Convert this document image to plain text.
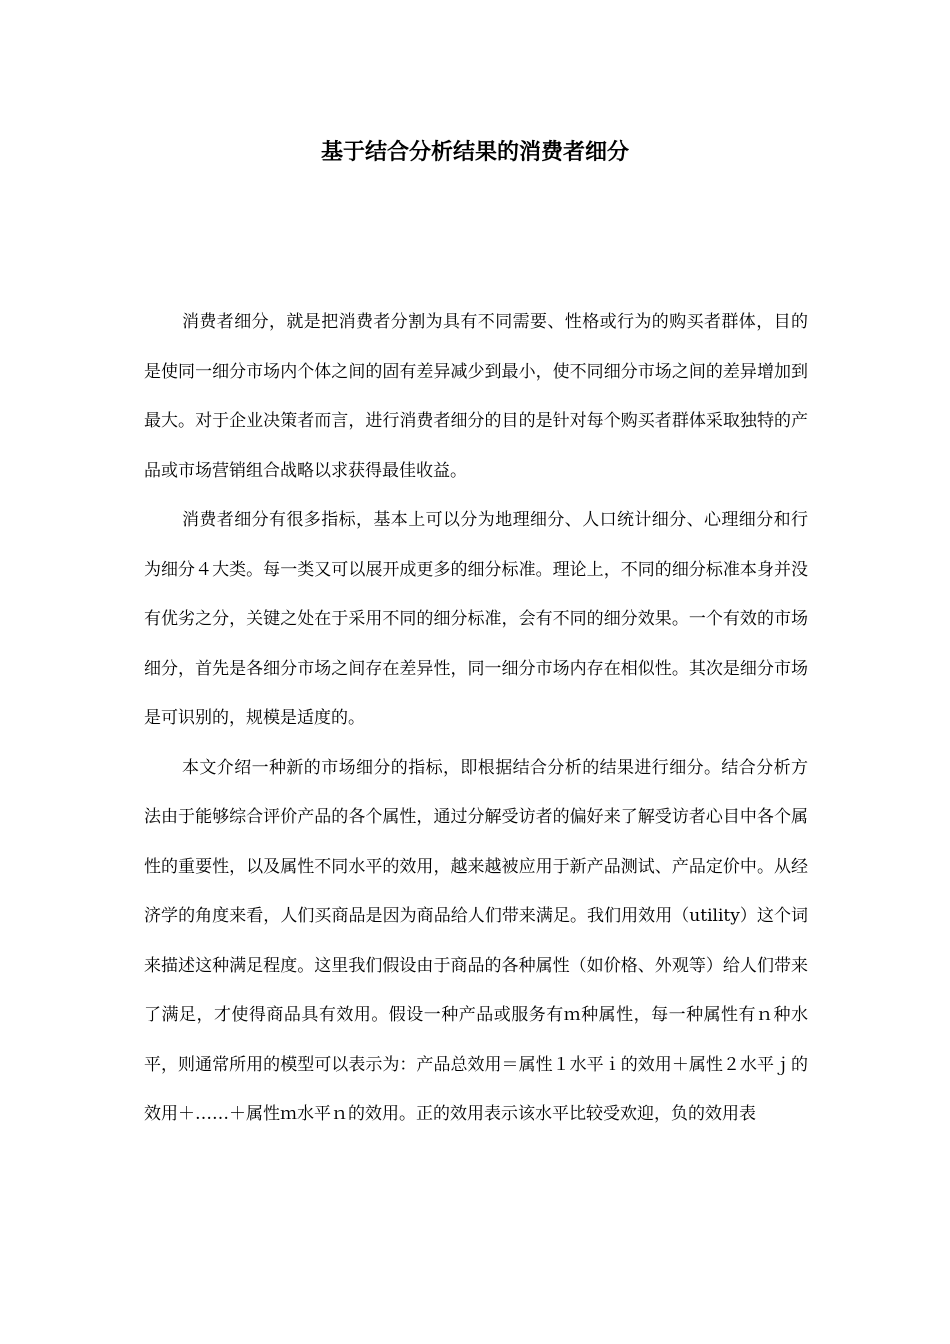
基于结合分析结果的消费者细分

消费者细分，就是把消费者分割为具有不同需要、性格或行为的购买者群体，目的是使同一细分市场内个体之间的固有差异减少到最小，使不同细分市场之间的差异增加到最大。对于企业决策者而言，进行消费者细分的目的是针对每个购买者群体采取独特的产品或市场营销组合战略以求获得最佳收益。

消费者细分有很多指标，基本上可以分为地理细分、人口统计细分、心理细分和行为细分４大类。每一类又可以展开成更多的细分标准。理论上，不同的细分标准本身并没有优劣之分，关键之处在于采用不同的细分标准，会有不同的细分效果。一个有效的市场细分，首先是各细分市场之间存在差异性，同一细分市场内存在相似性。其次是细分市场是可识别的，规模是适度的。

本文介绍一种新的市场细分的指标，即根据结合分析的结果进行细分。结合分析方法由于能够综合评价产品的各个属性，通过分解受访者的偏好来了解受访者心目中各个属性的重要性，以及属性不同水平的效用，越来越被应用于新产品测试、产品定价中。从经济学的角度来看，人们买商品是因为商品给人们带来满足。我们用效用（utility）这个词来描述这种满足程度。这里我们假设由于商品的各种属性（如价格、外观等）给人们带来了满足，才使得商品具有效用。假设一种产品或服务有ｍ种属性，每一种属性有ｎ种水平，则通常所用的模型可以表示为：产品总效用＝属性１水平ｉ的效用＋属性２水平ｊ的效用＋……＋属性ｍ水平ｎ的效用。正的效用表示该水平比较受欢迎，负的效用表
